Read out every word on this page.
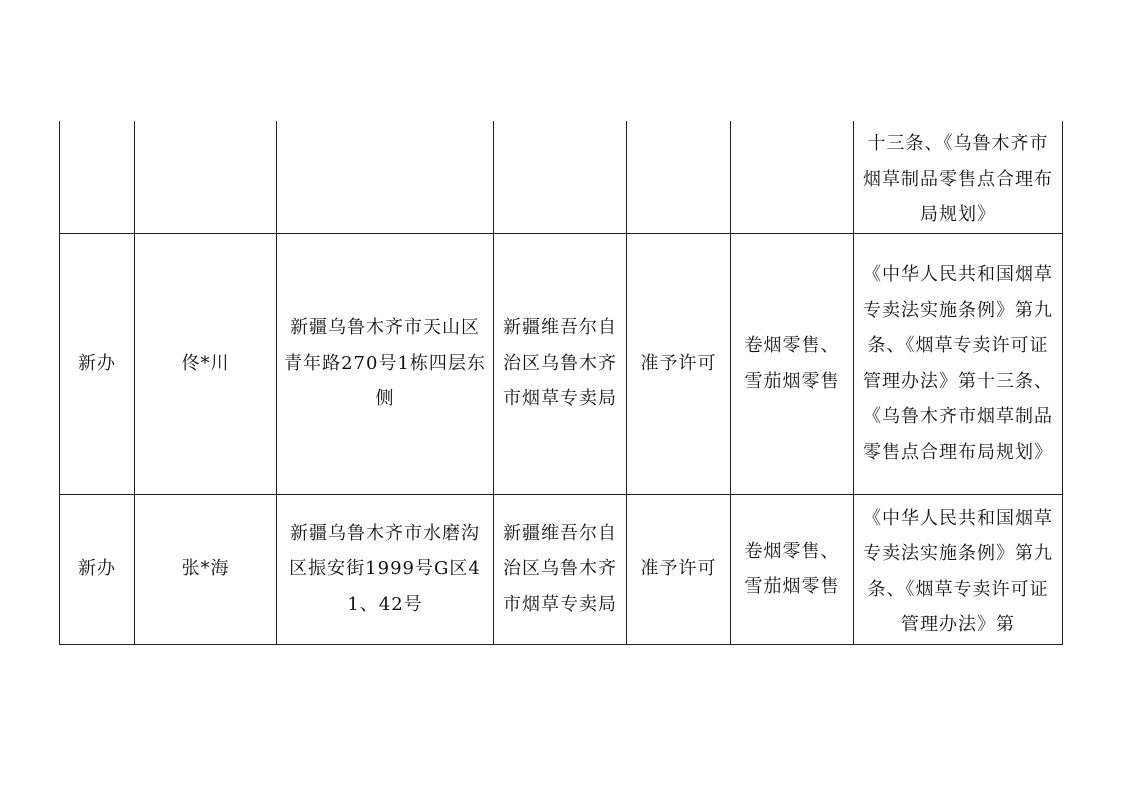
						十三条、《乌鲁木齐市烟草制品零售点合理布局规划》
新办	佟*川	新疆乌鲁木齐市天山区青年路270号1栋四层东侧	新疆维吾尔自治区乌鲁木齐市烟草专卖局	准予许可	卷烟零售、雪茄烟零售	《中华人民共和国烟草专卖法实施条例》第九条、《烟草专卖许可证管理办法》第十三条、《乌鲁木齐市烟草制品零售点合理布局规划》
新办	张*海	新疆乌鲁木齐市水磨沟区振安街1999号G区41、42号	新疆维吾尔自治区乌鲁木齐市烟草专卖局	准予许可	卷烟零售、雪茄烟零售	《中华人民共和国烟草专卖法实施条例》第九条、《烟草专卖许可证管理办法》第
